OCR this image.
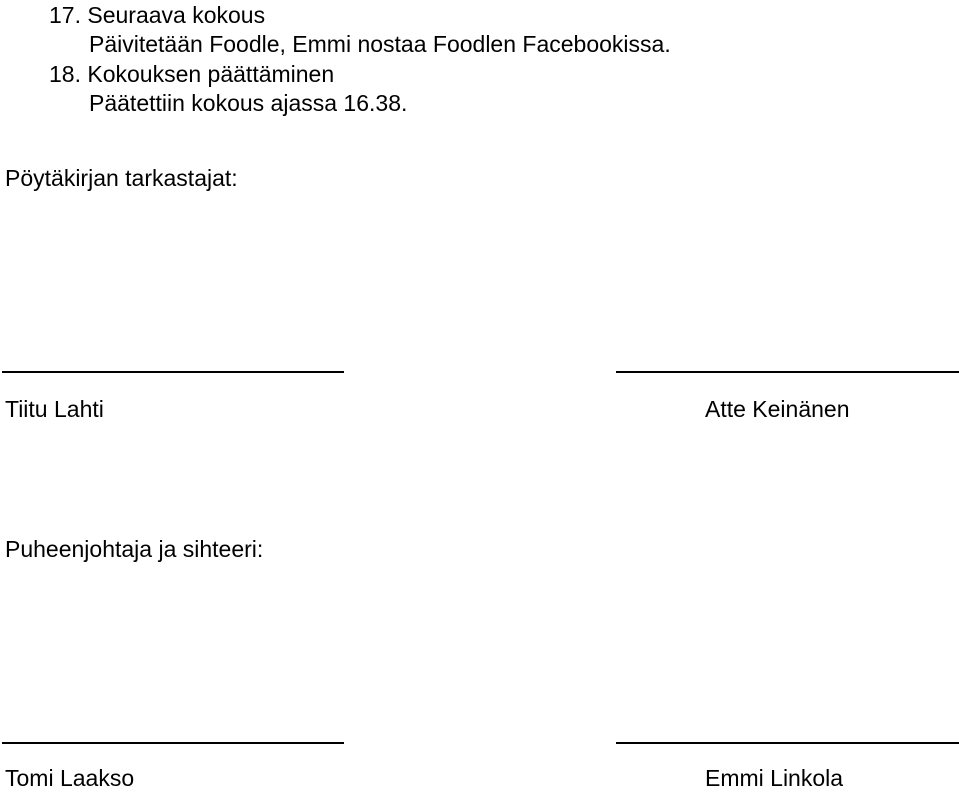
17. Seuraava kokous
Päivitetään Foodle, Emmi nostaa Foodlen Facebookissa.
18. Kokouksen päättäminen
Päätettiin kokous ajassa 16.38.
Pöytäkirjan tarkastajat:
Tiitu Lahti	Atte Keinänen
Puheenjohtaja ja sihteeri:
Tomi Laakso	Emmi Linkola
